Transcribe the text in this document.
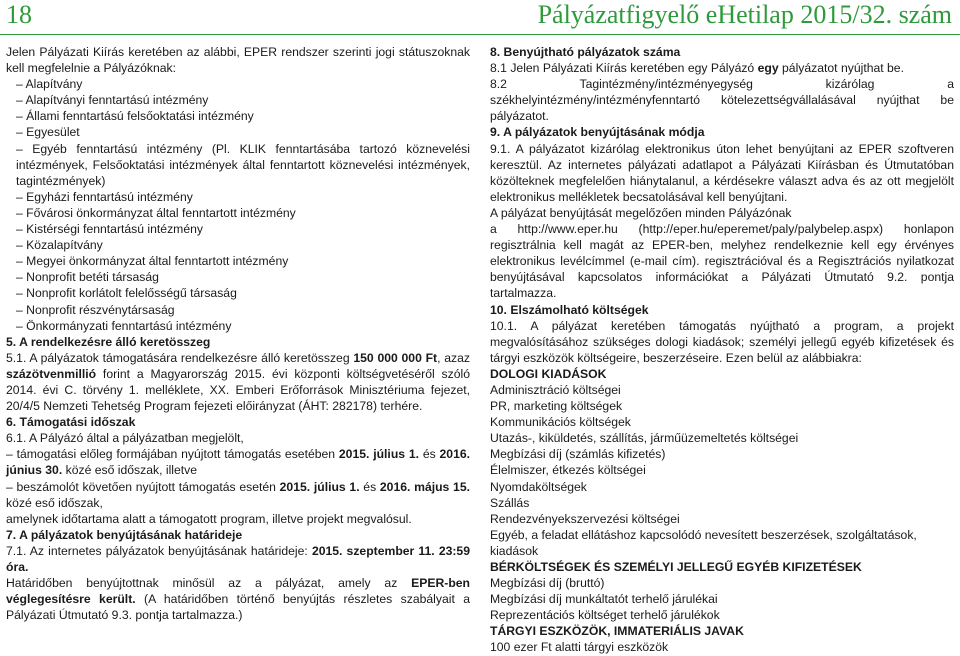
18	Pályázatfigyelő eHetilap 2015/32. szám

Jelen Pályázati Kiírás keretében az alábbi, EPER rendszer szerinti jogi státuszoknak kell megfelelnie a Pályázóknak:

– Alapítvány

– Alapítványi fenntartású intézmény

– Állami fenntartású felsőoktatási intézmény

– Egyesület

– Egyéb fenntartású intézmény (Pl. KLIK fenntartásába tartozó köznevelési intézmények, Felsőoktatási intézmények által fenntartott köznevelési intézmények, tagintézmények)

– Egyházi fenntartású intézmény

– Fővárosi önkormányzat által fenntartott intézmény

– Kistérségi fenntartású intézmény

– Közalapítvány

– Megyei önkormányzat által fenntartott intézmény

– Nonprofit betéti társaság

– Nonprofit korlátolt felelősségű társaság

– Nonprofit részvénytársaság

– Önkormányzati fenntartású intézmény

5. A rendelkezésre álló keretösszeg

5.1. A pályázatok támogatására rendelkezésre álló keretösszeg 150 000 000 Ft, azaz százötvenmillió forint a Magyarország 2015. évi központi költségvetéséről szóló 2014. évi C. törvény 1. melléklete, XX. Emberi Erőforrások Minisztériuma fejezet, 20/4/5 Nemzeti Tehetség Program fejezeti előirányzat (ÁHT: 282178) terhére.

6. Támogatási időszak

6.1. A Pályázó által a pályázatban megjelölt,

– támogatási előleg formájában nyújtott támogatás esetében 2015. július 1. és 2016. június 30. közé eső időszak, illetve

– beszámolót követően nyújtott támogatás esetén 2015. július 1. és 2016. május 15. közé eső időszak,

amelynek időtartama alatt a támogatott program, illetve projekt megvalósul.

7. A pályázatok benyújtásának határideje

7.1. Az internetes pályázatok benyújtásának határideje: 2015. szeptember 11. 23:59 óra.

Határidőben benyújtottnak minősül az a pályázat, amely az EPER-ben véglegesítésre került. (A határidőben történő benyújtás részletes szabályait a Pályázati Útmutató 9.3. pontja tartalmazza.)

8. Benyújtható pályázatok száma

8.1 Jelen Pályázati Kiírás keretében egy Pályázó egy pályázatot nyújthat be.

8.2 Tagintézmény/intézményegység kizárólag a székhelyintézmény/intézményfenntartó kötelezettségvállalásával nyújthat be pályázatot.

9. A pályázatok benyújtásának módja

9.1. A pályázatot kizárólag elektronikus úton lehet benyújtani az EPER szoftveren keresztül. Az internetes pályázati adatlapot a Pályázati Kiírásban és Útmutatóban közölteknek megfelelően hiánytalanul, a kérdésekre választ adva és az ott megjelölt elektronikus mellékletek becsatolásával kell benyújtani.

A pályázat benyújtását megelőzően minden Pályázónak

a http://www.eper.hu (http://eper.hu/eperemet/paly/palybelep.aspx) honlapon regisztrálnia kell magát az EPER-ben, melyhez rendelkeznie kell egy érvényes elektronikus levélcímmel (e-mail cím). regisztrációval és a Regisztrációs nyilatkozat benyújtásával kapcsolatos információkat a Pályázati Útmutató 9.2. pontja tartalmazza.

10. Elszámolható költségek

10.1. A pályázat keretében támogatás nyújtható a program, a projekt megvalósításához szükséges dologi kiadások; személyi jellegű egyéb kifizetések és tárgyi eszközök költségeire, beszerzéseire. Ezen belül az alábbiakra:

DOLOGI KIADÁSOK

Adminisztráció költségei

PR, marketing költségek

Kommunikációs költségek

Utazás-, kiküldetés, szállítás, járműüzemeltetés költségei

Megbízási díj (számlás kifizetés)

Élelmiszer, étkezés költségei

Nyomdaköltségek

Szállás

Rendezvényekszervezési költségei

Egyéb, a feladat ellátáshoz kapcsolódó nevesített beszerzések, szolgáltatások, kiadások

BÉRKÖLTSÉGEK ÉS SZEMÉLYI JELLEGŰ EGYÉB KIFIZETÉSEK

Megbízási díj (bruttó)

Megbízási díj munkáltatót terhelő járulékai

Reprezentációs költséget terhelő járulékok

TÁRGYI ESZKÖZÖK, IMMATERIÁLIS JAVAK

100 ezer Ft alatti tárgyi eszközök
